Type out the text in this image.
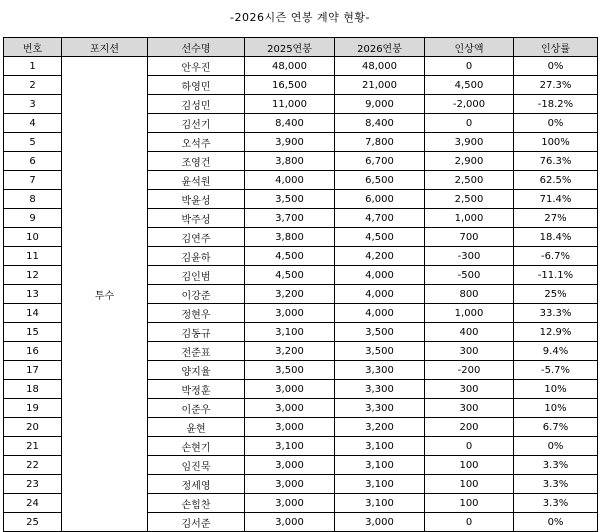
-2026시즌 연봉 계약 현황-
번호	포지션	선수명	2025연봉	2026연봉	인상액	인상률
1	투수	안우진	48,000	48,000	0	0%
2		하영민	16,500	21,000	4,500	27.3%
3		김성민	11,000	9,000	-2,000	-18.2%
4		김선기	8,400	8,400	0	0%
5		오석주	3,900	7,800	3,900	100%
6		조영건	3,800	6,700	2,900	76.3%
7		윤석원	4,000	6,500	2,500	62.5%
8		박윤성	3,500	6,000	2,500	71.4%
9		박주성	3,700	4,700	1,000	27%
10		김연주	3,800	4,500	700	18.4%
11		김윤하	4,500	4,200	-300	-6.7%
12		김인범	4,500	4,000	-500	-11.1%
13		이강준	3,200	4,000	800	25%
14		정현우	3,000	4,000	1,000	33.3%
15		김동규	3,100	3,500	400	12.9%
16		전준표	3,200	3,500	300	9.4%
17		양지율	3,500	3,300	-200	-5.7%
18		박정훈	3,000	3,300	300	10%
19		이준우	3,000	3,300	300	10%
20		윤현	3,000	3,200	200	6.7%
21		손현기	3,100	3,100	0	0%
22		임진묵	3,000	3,100	100	3.3%
23		정세영	3,000	3,100	100	3.3%
24		손힘찬	3,000	3,100	100	3.3%
25		김서준	3,000	3,000	0	0%
